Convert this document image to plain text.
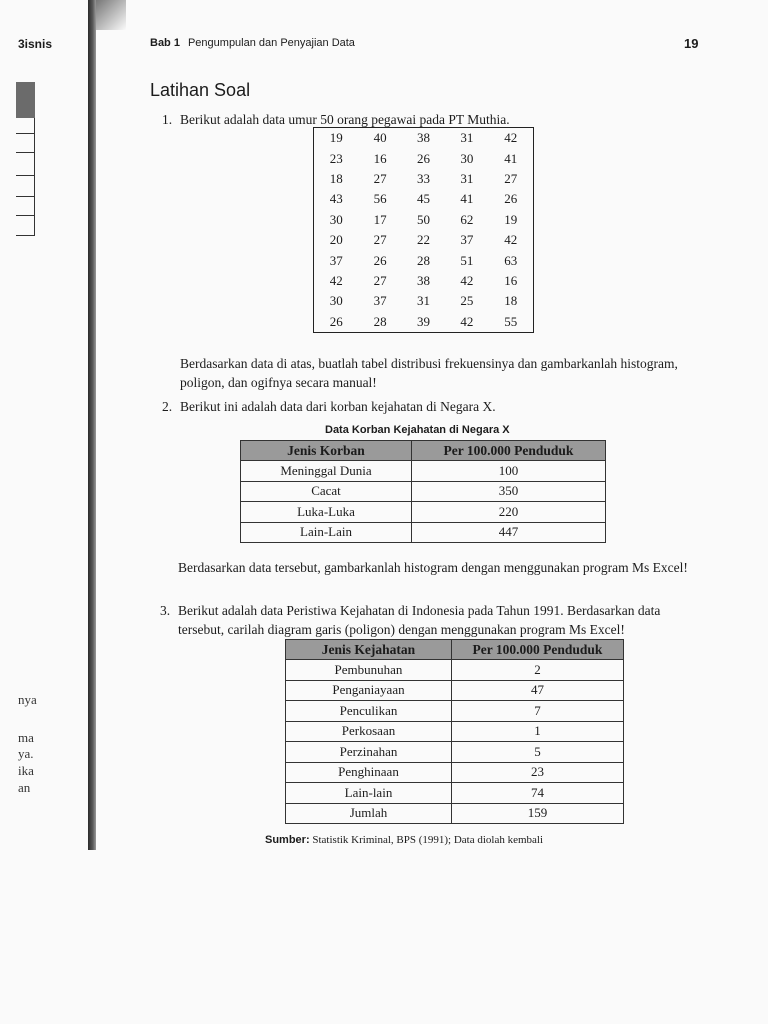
3isnis
nya
ma
ya.
ika
an
Bab 1 Pengumpulan dan Penyajian Data	19
Latihan Soal
1. Berikut adalah data umur 50 orang pegawai pada PT Muthia.
19	40	38	31	42
23	16	26	30	41
18	27	33	31	27
43	56	45	41	26
30	17	50	62	19
20	27	22	37	42
37	26	28	51	63
42	27	38	42	16
30	37	31	25	18
26	28	39	42	55
Berdasarkan data di atas, buatlah tabel distribusi frekuensinya dan gambarkanlah histogram, poligon, dan ogifnya secara manual!
2. Berikut ini adalah data dari korban kejahatan di Negara X.
Data Korban Kejahatan di Negara X
Jenis Korban	Per 100.000 Penduduk
Meninggal Dunia	100
Cacat	350
Luka-Luka	220
Lain-Lain	447
Berdasarkan data tersebut, gambarkanlah histogram dengan menggunakan program Ms Excel!
3. Berikut adalah data Peristiwa Kejahatan di Indonesia pada Tahun 1991. Berdasarkan data tersebut, carilah diagram garis (poligon) dengan menggunakan program Ms Excel!
Jenis Kejahatan	Per 100.000 Penduduk
Pembunuhan	2
Penganiayaan	47
Penculikan	7
Perkosaan	1
Perzinahan	5
Penghinaan	23
Lain-lain	74
Jumlah	159
Sumber: Statistik Kriminal, BPS (1991); Data diolah kembali
